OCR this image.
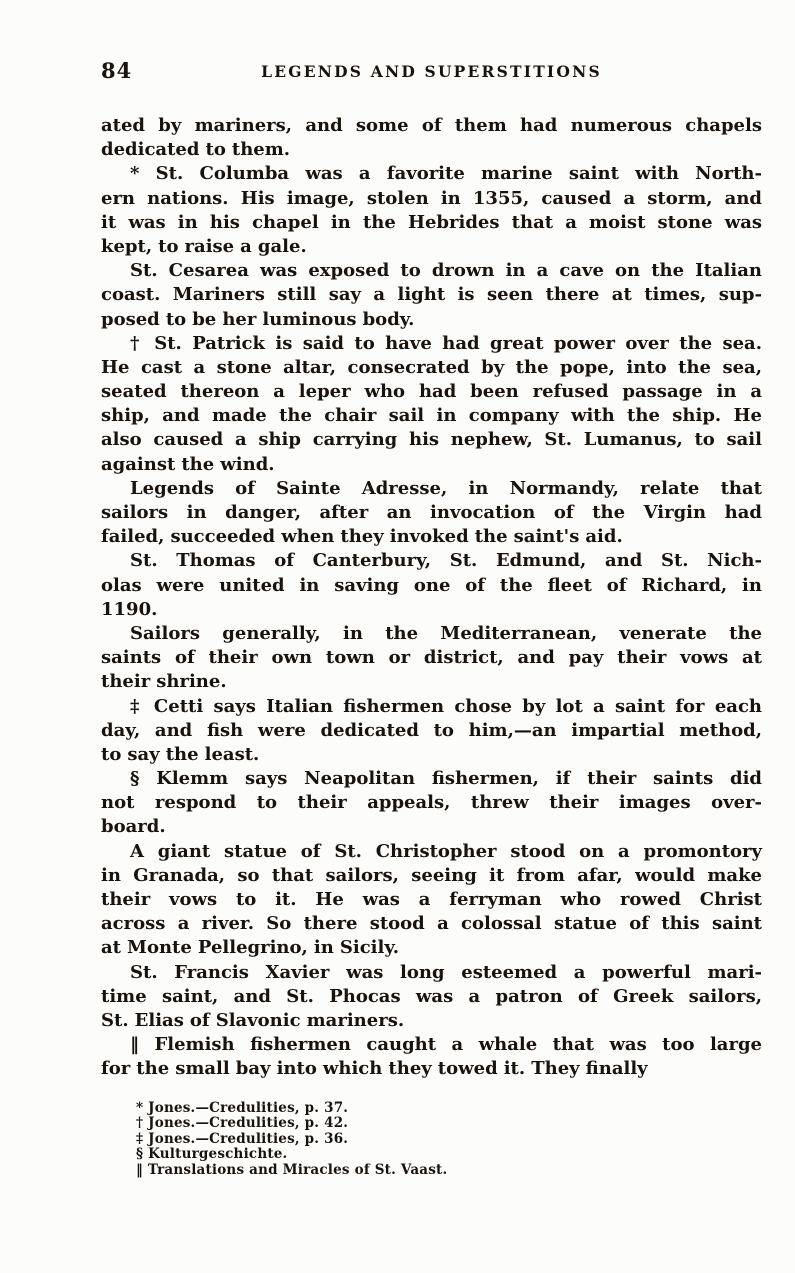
84	LEGENDS AND SUPERSTITIONS
ated by mariners, and some of them had numerous chapels
dedicated to them.
* St. Columba was a favorite marine saint with North-
ern nations. His image, stolen in 1355, caused a storm, and
it was in his chapel in the Hebrides that a moist stone was
kept, to raise a gale.
St. Cesarea was exposed to drown in a cave on the Italian
coast. Mariners still say a light is seen there at times, sup-
posed to be her luminous body.
† St. Patrick is said to have had great power over the sea.
He cast a stone altar, consecrated by the pope, into the sea,
seated thereon a leper who had been refused passage in a
ship, and made the chair sail in company with the ship. He
also caused a ship carrying his nephew, St. Lumanus, to sail
against the wind.
Legends of Sainte Adresse, in Normandy, relate that
sailors in danger, after an invocation of the Virgin had
failed, succeeded when they invoked the saint's aid.
St. Thomas of Canterbury, St. Edmund, and St. Nich-
olas were united in saving one of the fleet of Richard, in
1190.
Sailors generally, in the Mediterranean, venerate the
saints of their own town or district, and pay their vows at
their shrine.
‡ Cetti says Italian fishermen chose by lot a saint for each
day, and fish were dedicated to him,—an impartial method,
to say the least.
§ Klemm says Neapolitan fishermen, if their saints did
not respond to their appeals, threw their images over-
board.
A giant statue of St. Christopher stood on a promontory
in Granada, so that sailors, seeing it from afar, would make
their vows to it. He was a ferryman who rowed Christ
across a river. So there stood a colossal statue of this saint
at Monte Pellegrino, in Sicily.
St. Francis Xavier was long esteemed a powerful mari-
time saint, and St. Phocas was a patron of Greek sailors,
St. Elias of Slavonic mariners.
‖ Flemish fishermen caught a whale that was too large
for the small bay into which they towed it. They finally
* Jones.—Credulities, p. 37.
† Jones.—Credulities, p. 42.
‡ Jones.—Credulities, p. 36.
§ Kulturgeschichte.
‖ Translations and Miracles of St. Vaast.
